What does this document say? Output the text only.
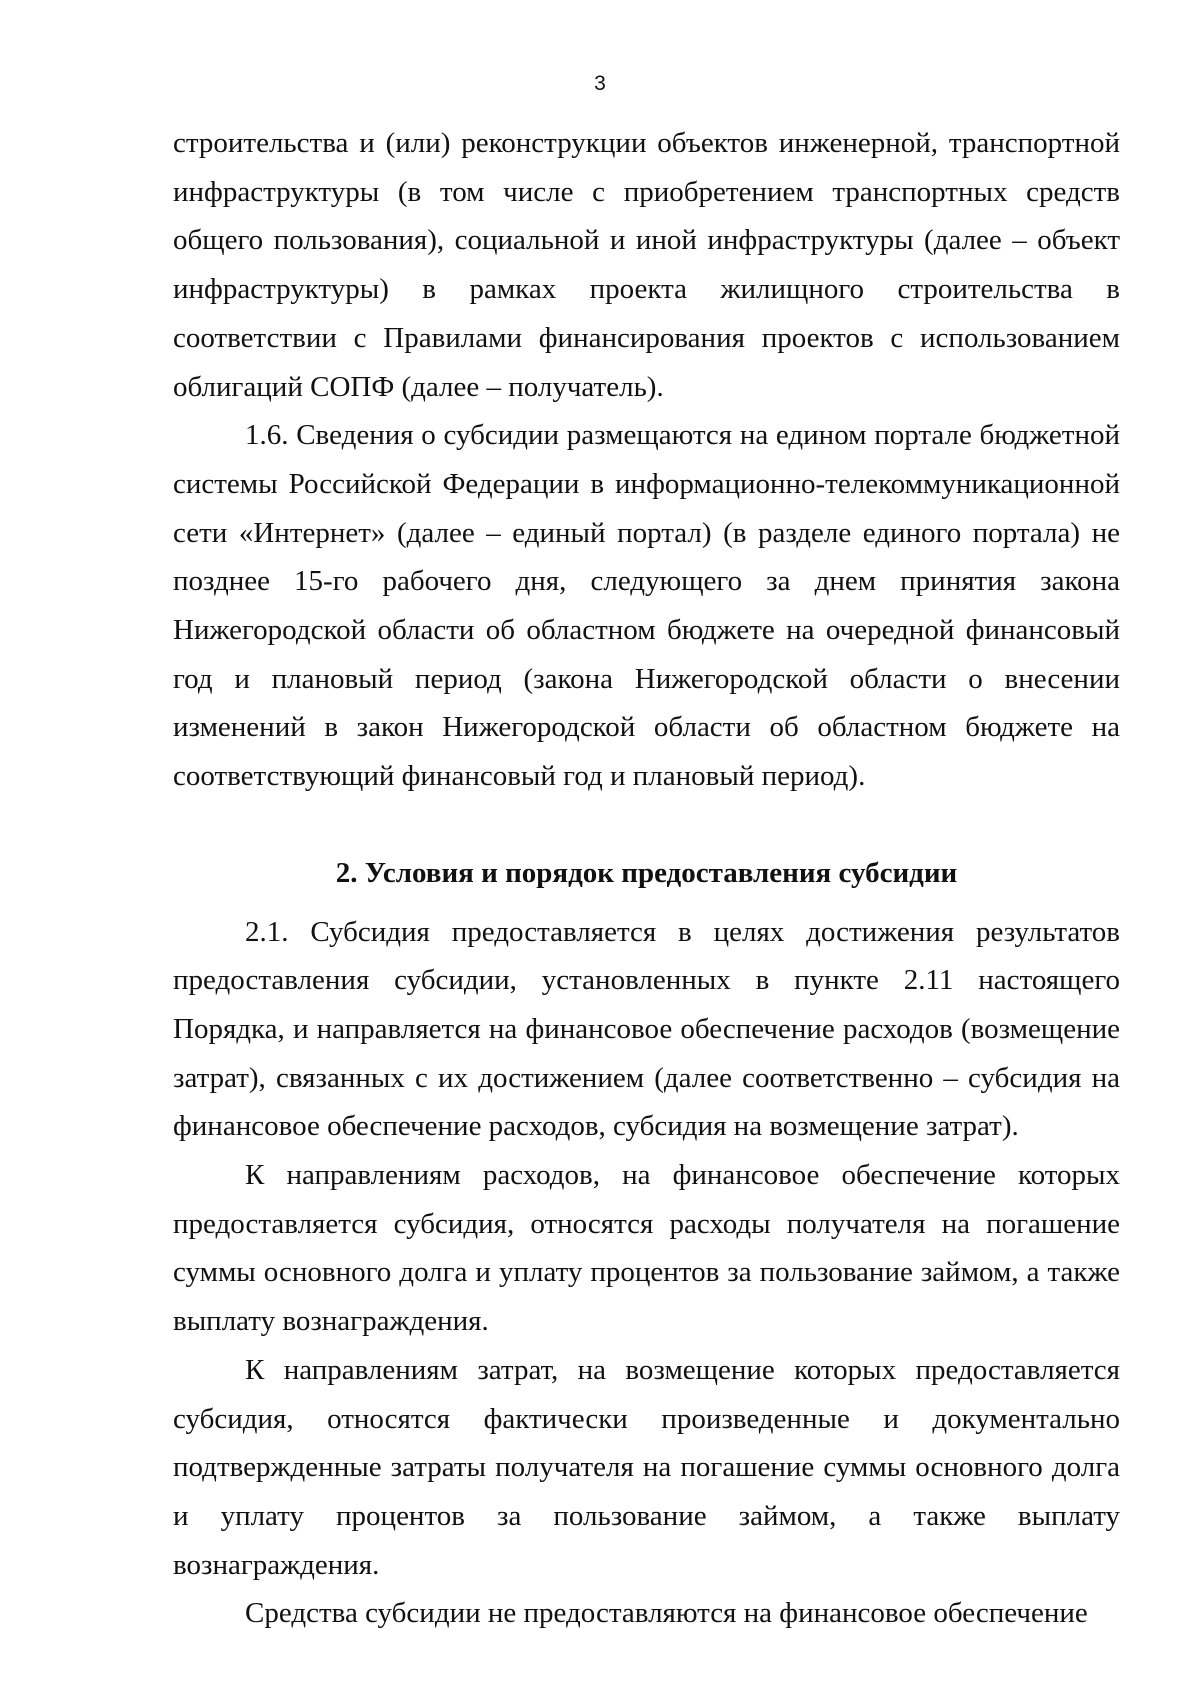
3

строительства и (или) реконструкции объектов инженерной, транспортной инфраструктуры (в том числе с приобретением транспортных средств общего пользования), социальной и иной инфраструктуры (далее – объект инфраструктуры) в рамках проекта жилищного строительства в соответствии с Правилами финансирования проектов с использованием облигаций СОПФ (далее – получатель).

1.6. Сведения о субсидии размещаются на едином портале бюджетной системы Российской Федерации в информационно-телекоммуникационной сети «Интернет» (далее – единый портал) (в разделе единого портала) не позднее 15-го рабочего дня, следующего за днем принятия закона Нижегородской области об областном бюджете на очередной финансовый год и плановый период (закона Нижегородской области о внесении изменений в закон Нижегородской области об областном бюджете на соответствующий финансовый год и плановый период).

2. Условия и порядок предоставления субсидии

2.1. Субсидия предоставляется в целях достижения результатов предоставления субсидии, установленных в пункте 2.11 настоящего Порядка, и направляется на финансовое обеспечение расходов (возмещение затрат), связанных с их достижением (далее соответственно – субсидия на финансовое обеспечение расходов, субсидия на возмещение затрат).

К направлениям расходов, на финансовое обеспечение которых предоставляется субсидия, относятся расходы получателя на погашение суммы основного долга и уплату процентов за пользование займом, а также выплату вознаграждения.

К направлениям затрат, на возмещение которых предоставляется субсидия, относятся фактически произведенные и документально подтвержденные затраты получателя на погашение суммы основного долга и уплату процентов за пользование займом, а также выплату вознаграждения.

Средства субсидии не предоставляются на финансовое обеспечение
